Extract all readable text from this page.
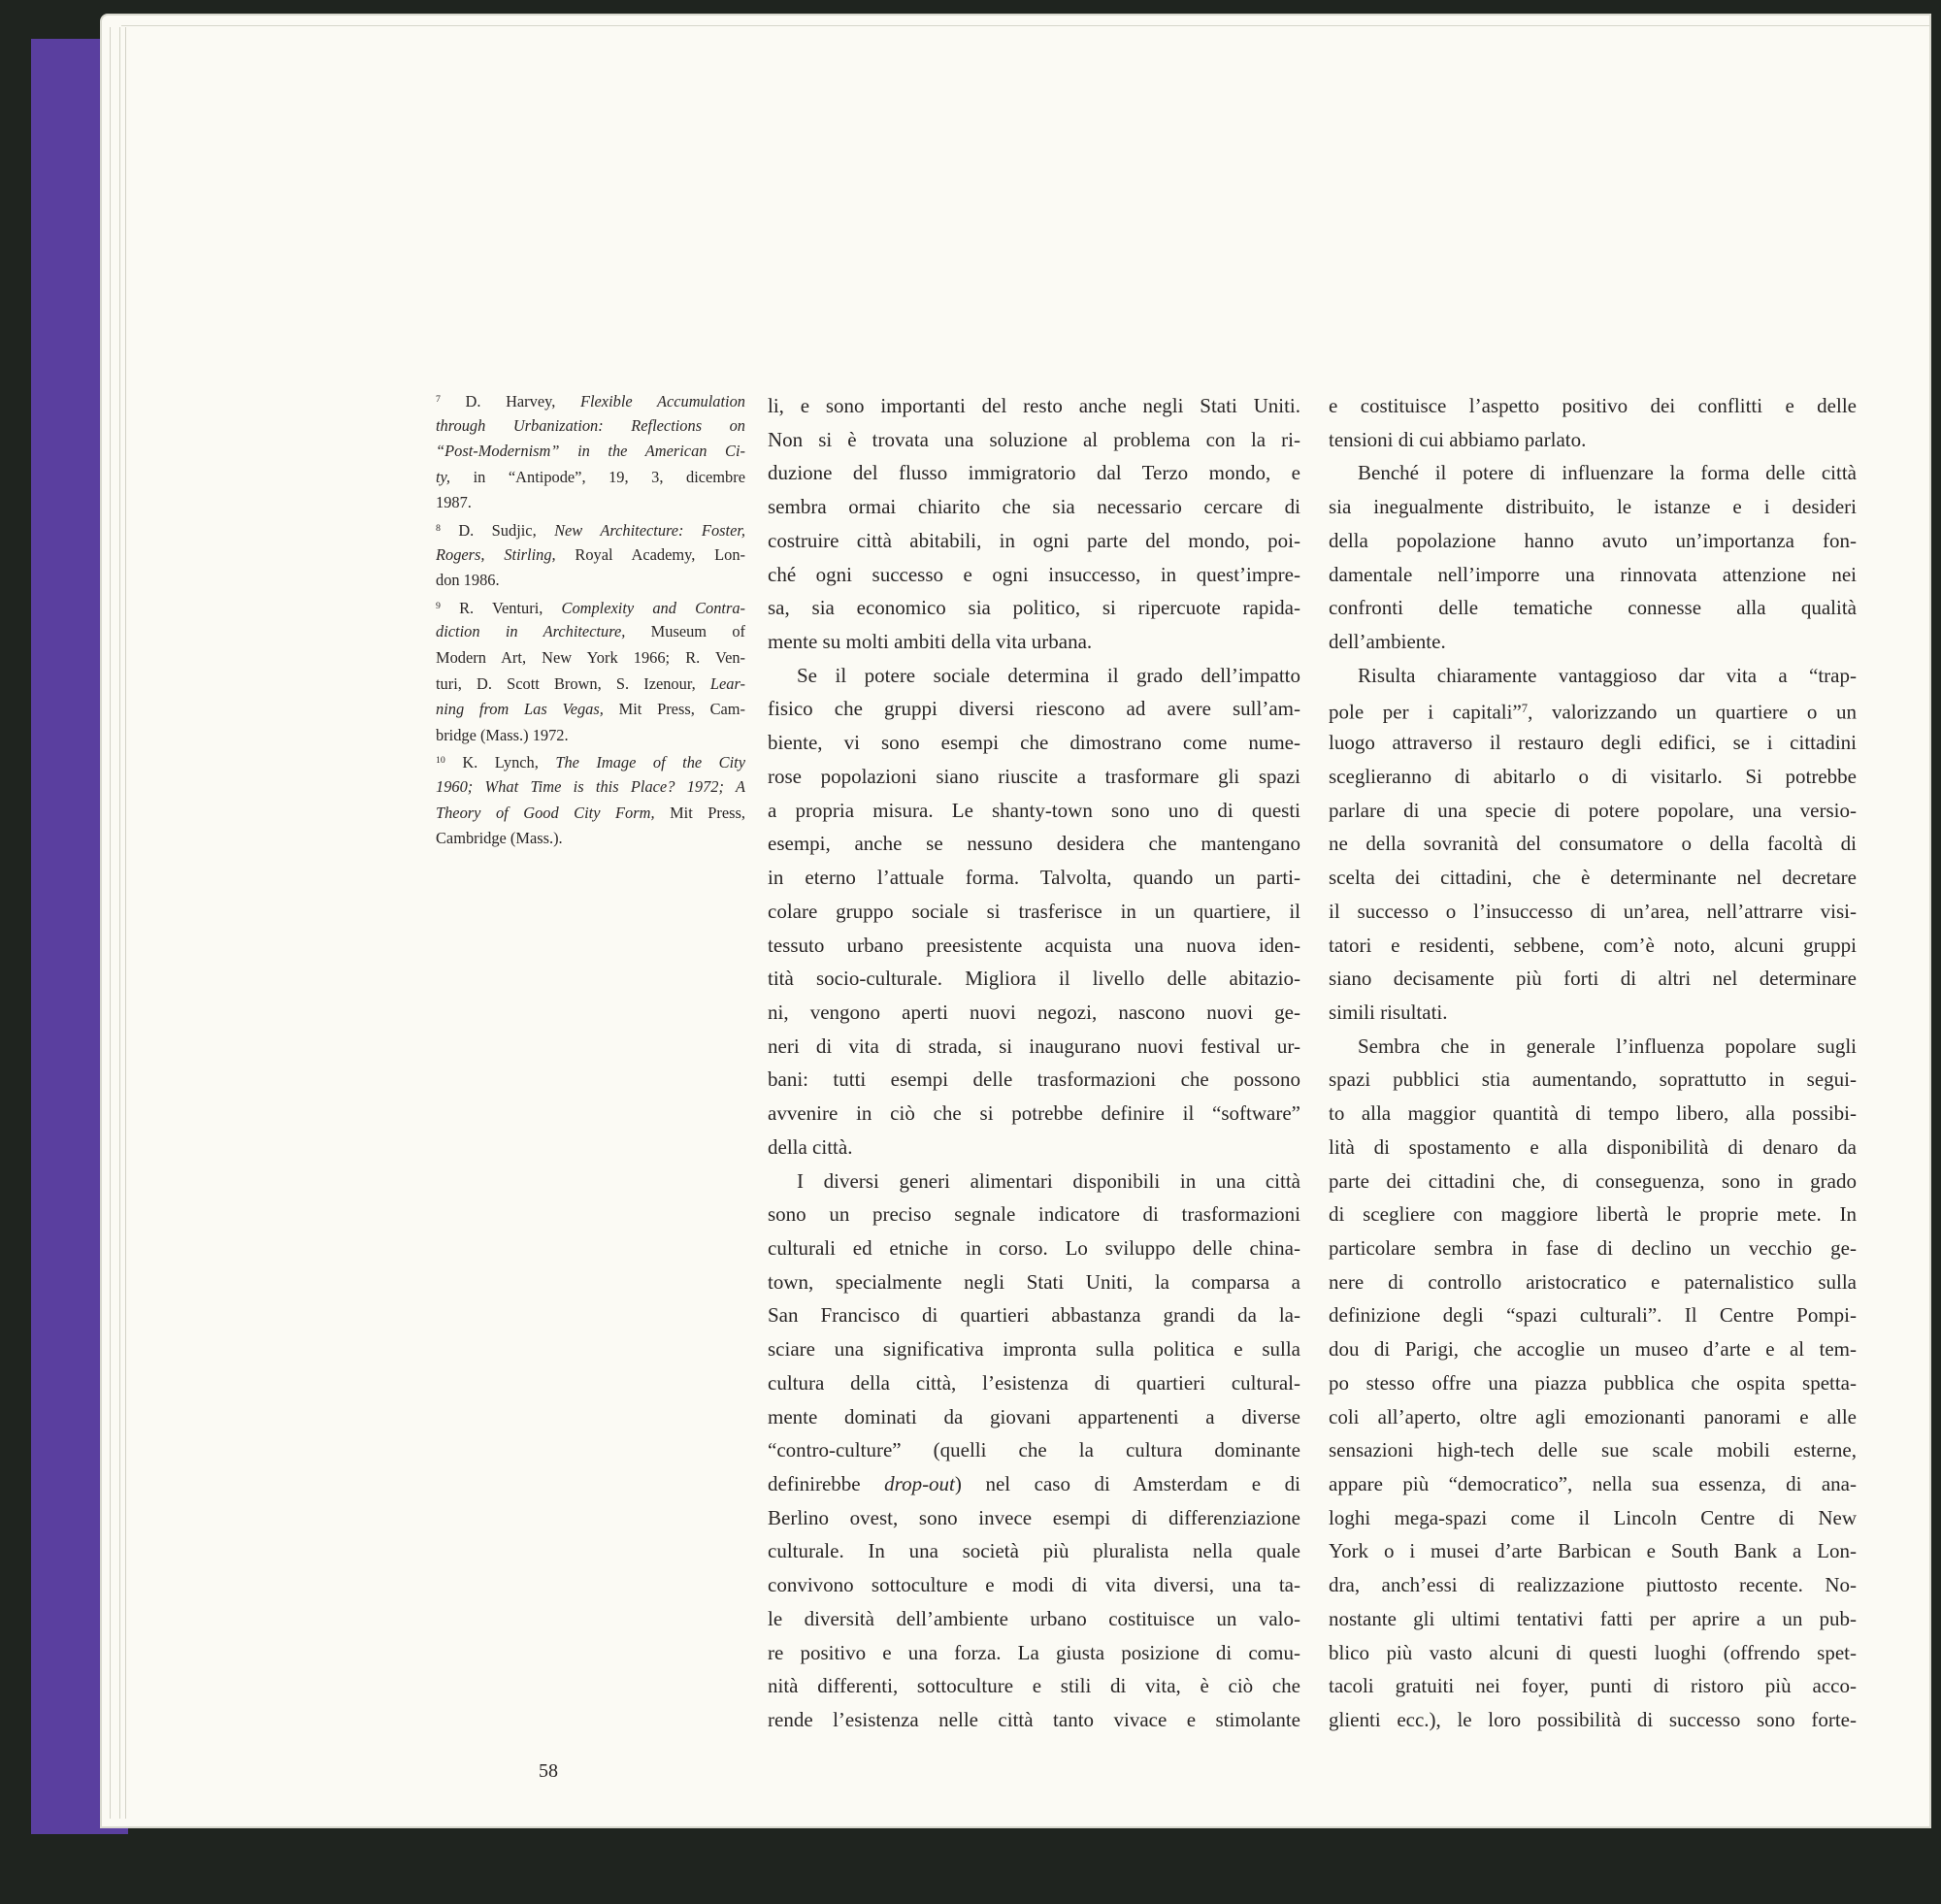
$^7$ D. Harvey, Flexible Accumulation
through Urbanization: Reflections on
“Post-Modernism” in the American Ci-
ty, in “Antipode”, 19, 3, dicembre
1987.
$^8$ D. Sudjic, New Architecture: Foster,
Rogers, Stirling, Royal Academy, Lon-
don 1986.
$^9$ R. Venturi, Complexity and Contra-
diction in Architecture, Museum of
Modern Art, New York 1966; R. Ven-
turi, D. Scott Brown, S. Izenour, Lear-
ning from Las Vegas, Mit Press, Cam-
bridge (Mass.) 1972.
$^{10}$ K. Lynch, The Image of the City
1960; What Time is this Place? 1972; A
Theory of Good City Form, Mit Press,
Cambridge (Mass.).
li, e sono importanti del resto anche negli Stati Uniti.
Non si è trovata una soluzione al problema con la ri-
duzione del flusso immigratorio dal Terzo mondo, e
sembra ormai chiarito che sia necessario cercare di
costruire città abitabili, in ogni parte del mondo, poi-
ché ogni successo e ogni insuccesso, in quest’impre-
sa, sia economico sia politico, si ripercuote rapida-
mente su molti ambiti della vita urbana.
Se il potere sociale determina il grado dell’impatto
fisico che gruppi diversi riescono ad avere sull’am-
biente, vi sono esempi che dimostrano come nume-
rose popolazioni siano riuscite a trasformare gli spazi
a propria misura. Le shanty-town sono uno di questi
esempi, anche se nessuno desidera che mantengano
in eterno l’attuale forma. Talvolta, quando un parti-
colare gruppo sociale si trasferisce in un quartiere, il
tessuto urbano preesistente acquista una nuova iden-
tità socio-culturale. Migliora il livello delle abitazio-
ni, vengono aperti nuovi negozi, nascono nuovi ge-
neri di vita di strada, si inaugurano nuovi festival ur-
bani: tutti esempi delle trasformazioni che possono
avvenire in ciò che si potrebbe definire il “software”
della città.
I diversi generi alimentari disponibili in una città
sono un preciso segnale indicatore di trasformazioni
culturali ed etniche in corso. Lo sviluppo delle china-
town, specialmente negli Stati Uniti, la comparsa a
San Francisco di quartieri abbastanza grandi da la-
sciare una significativa impronta sulla politica e sulla
cultura della città, l’esistenza di quartieri cultural-
mente dominati da giovani appartenenti a diverse
“contro-culture” (quelli che la cultura dominante
definirebbe drop-out) nel caso di Amsterdam e di
Berlino ovest, sono invece esempi di differenziazione
culturale. In una società più pluralista nella quale
convivono sottoculture e modi di vita diversi, una ta-
le diversità dell’ambiente urbano costituisce un valo-
re positivo e una forza. La giusta posizione di comu-
nità differenti, sottoculture e stili di vita, è ciò che
rende l’esistenza nelle città tanto vivace e stimolante
e costituisce l’aspetto positivo dei conflitti e delle
tensioni di cui abbiamo parlato.
Benché il potere di influenzare la forma delle città
sia inegualmente distribuito, le istanze e i desideri
della popolazione hanno avuto un’importanza fon-
damentale nell’imporre una rinnovata attenzione nei
confronti delle tematiche connesse alla qualità
dell’ambiente.
Risulta chiaramente vantaggioso dar vita a “trap-
pole per i capitali”$^7$, valorizzando un quartiere o un
luogo attraverso il restauro degli edifici, se i cittadini
sceglieranno di abitarlo o di visitarlo. Si potrebbe
parlare di una specie di potere popolare, una versio-
ne della sovranità del consumatore o della facoltà di
scelta dei cittadini, che è determinante nel decretare
il successo o l’insuccesso di un’area, nell’attrarre visi-
tatori e residenti, sebbene, com’è noto, alcuni gruppi
siano decisamente più forti di altri nel determinare
simili risultati.
Sembra che in generale l’influenza popolare sugli
spazi pubblici stia aumentando, soprattutto in segui-
to alla maggior quantità di tempo libero, alla possibi-
lità di spostamento e alla disponibilità di denaro da
parte dei cittadini che, di conseguenza, sono in grado
di scegliere con maggiore libertà le proprie mete. In
particolare sembra in fase di declino un vecchio ge-
nere di controllo aristocratico e paternalistico sulla
definizione degli “spazi culturali”. Il Centre Pompi-
dou di Parigi, che accoglie un museo d’arte e al tem-
po stesso offre una piazza pubblica che ospita spetta-
coli all’aperto, oltre agli emozionanti panorami e alle
sensazioni high-tech delle sue scale mobili esterne,
appare più “democratico”, nella sua essenza, di ana-
loghi mega-spazi come il Lincoln Centre di New
York o i musei d’arte Barbican e South Bank a Lon-
dra, anch’essi di realizzazione piuttosto recente. No-
nostante gli ultimi tentativi fatti per aprire a un pub-
blico più vasto alcuni di questi luoghi (offrendo spet-
tacoli gratuiti nei foyer, punti di ristoro più acco-
glienti ecc.), le loro possibilità di successo sono forte-
58
